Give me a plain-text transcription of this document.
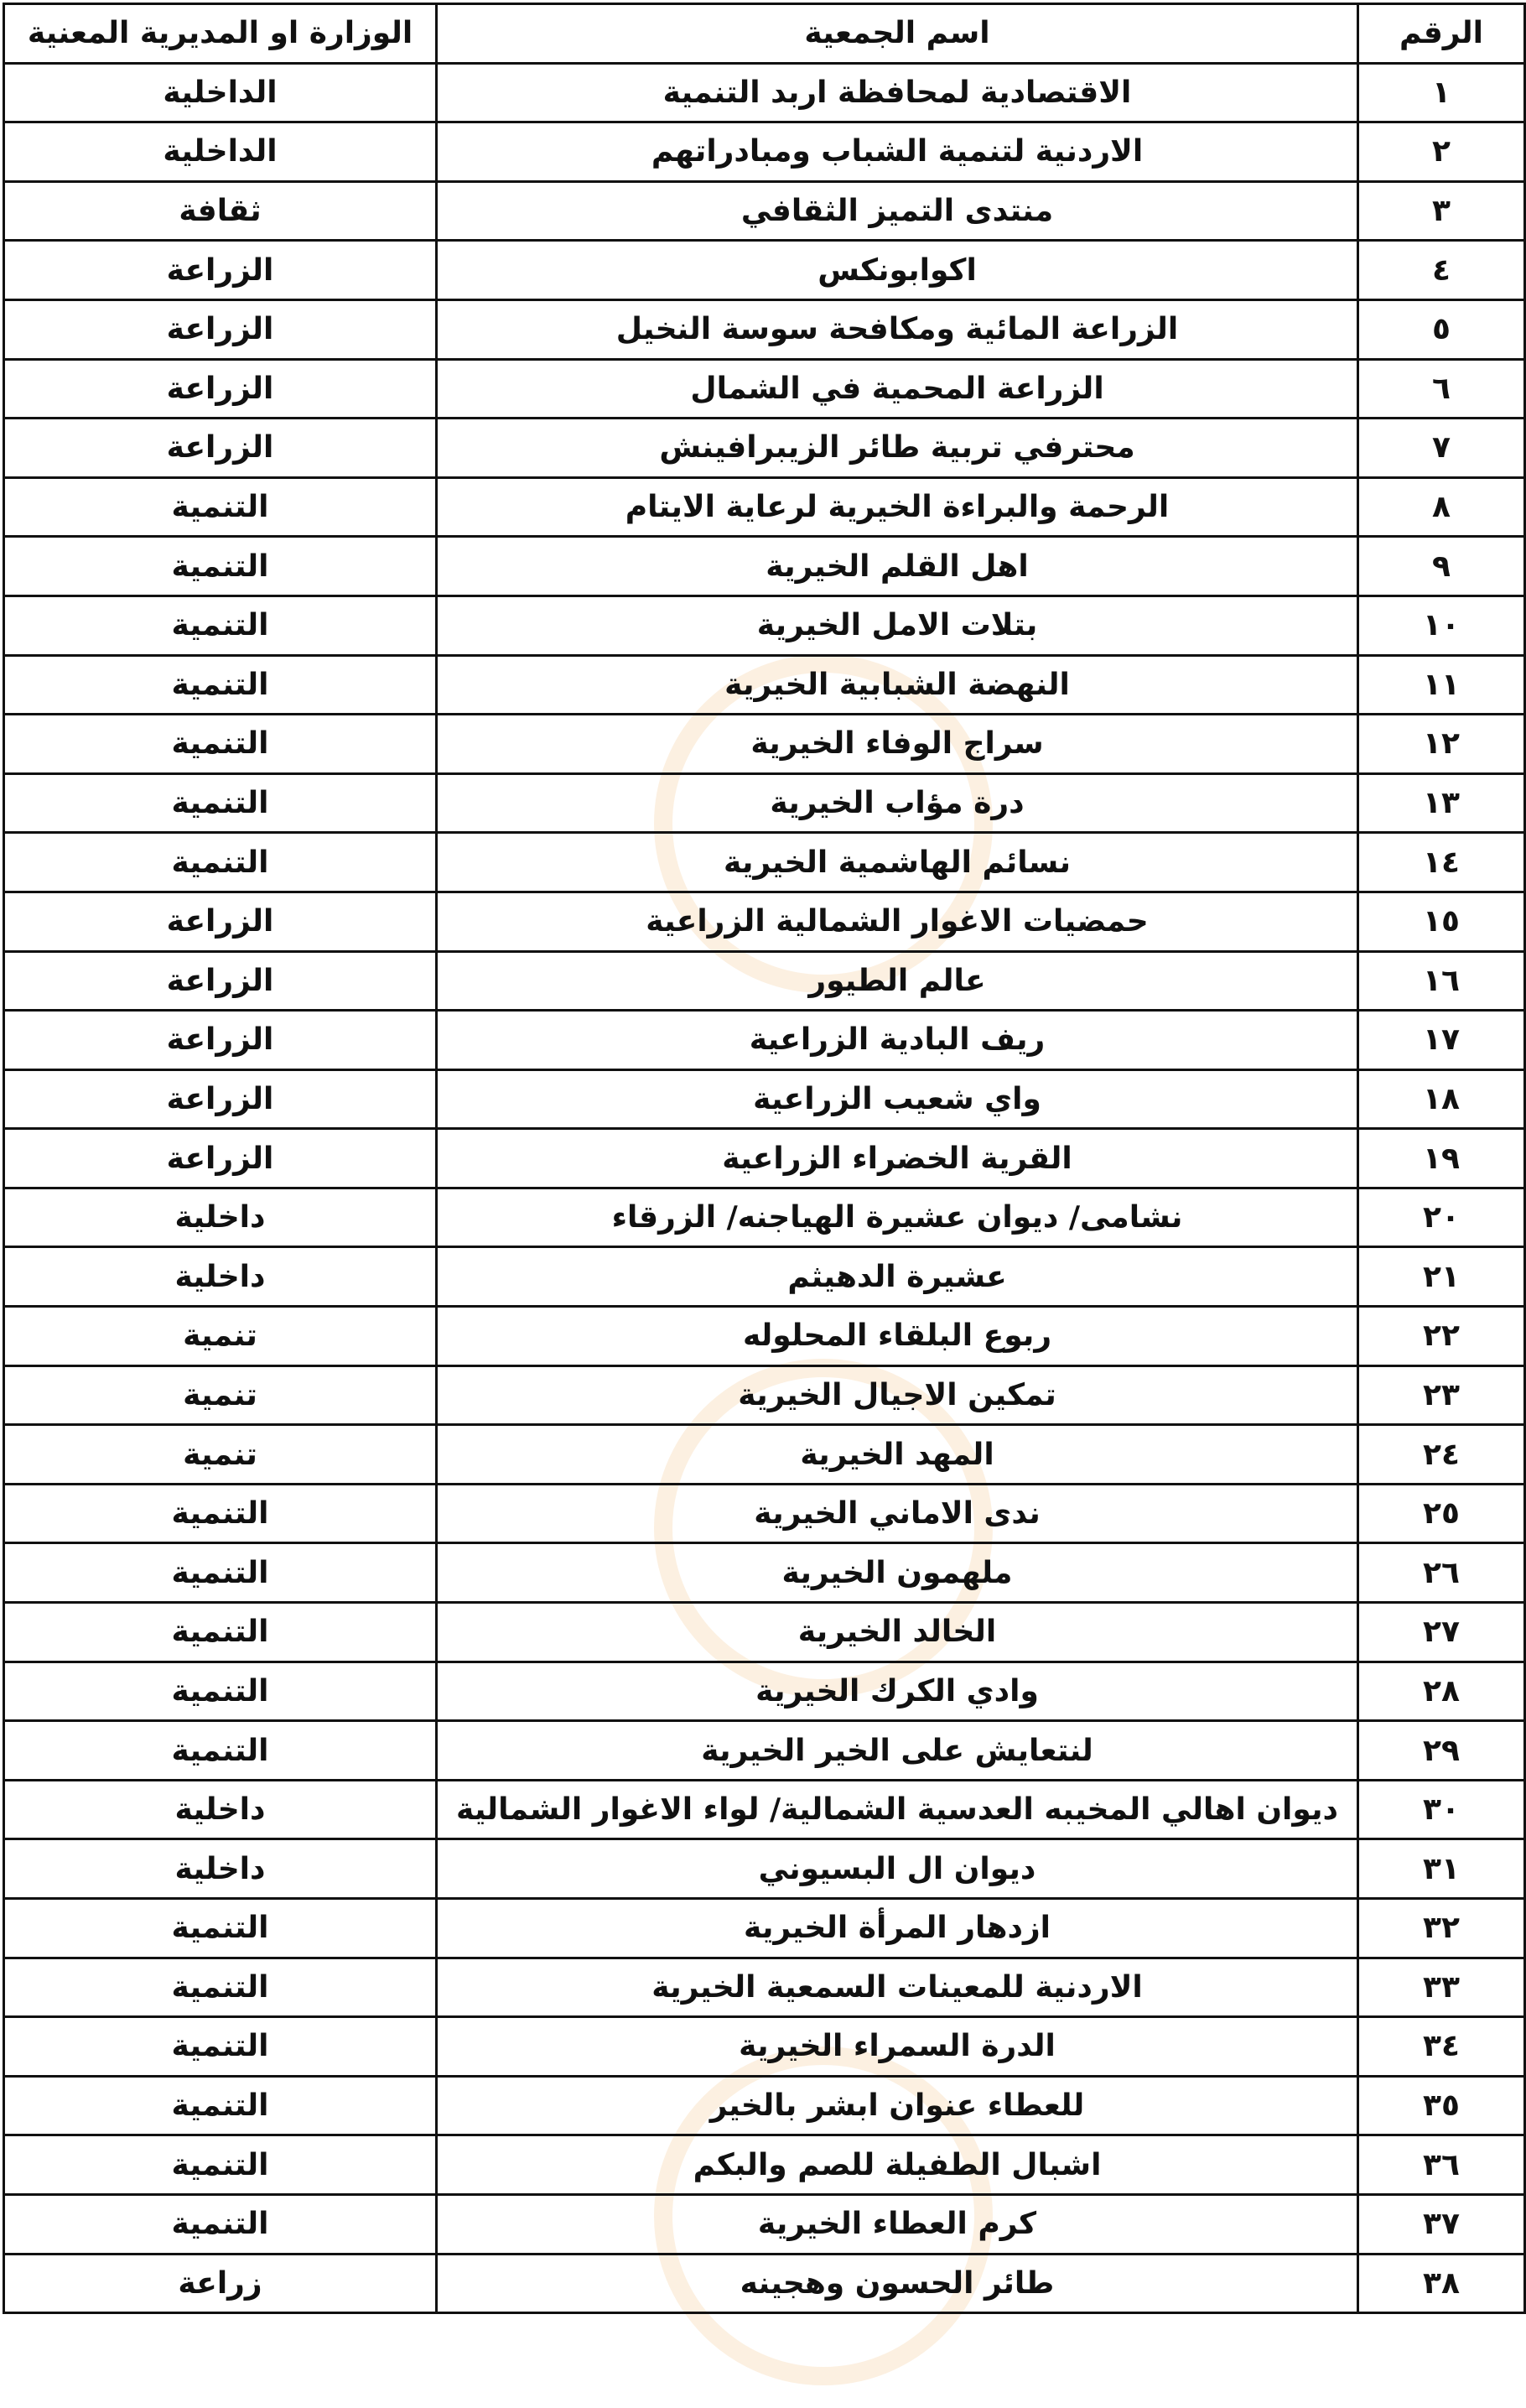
الرقم	اسم الجمعية	الوزارة او المديرية المعنية
١	الاقتصادية لمحافظة اربد التنمية	الداخلية
٢	الاردنية لتنمية الشباب ومبادراتهم	الداخلية
٣	منتدى التميز الثقافي	ثقافة
٤	اكوابونكس	الزراعة
٥	الزراعة المائية ومكافحة سوسة النخيل	الزراعة
٦	الزراعة المحمية في الشمال	الزراعة
٧	محترفي تربية طائر الزيبرافينش	الزراعة
٨	الرحمة والبراءة الخيرية لرعاية الايتام	التنمية
٩	اهل القلم الخيرية	التنمية
١٠	بتلات الامل الخيرية	التنمية
١١	النهضة الشبابية الخيرية	التنمية
١٢	سراج الوفاء الخيرية	التنمية
١٣	درة مؤاب الخيرية	التنمية
١٤	نسائم الهاشمية الخيرية	التنمية
١٥	حمضيات الاغوار الشمالية الزراعية	الزراعة
١٦	عالم الطيور	الزراعة
١٧	ريف البادية الزراعية	الزراعة
١٨	واي شعيب الزراعية	الزراعة
١٩	القرية الخضراء الزراعية	الزراعة
٢٠	نشامى/ ديوان عشيرة الهياجنه/ الزرقاء	داخلية
٢١	عشيرة الدهيثم	داخلية
٢٢	ربوع البلقاء المحلوله	تنمية
٢٣	تمكين الاجيال الخيرية	تنمية
٢٤	المهد الخيرية	تنمية
٢٥	ندى الاماني الخيرية	التنمية
٢٦	ملهمون الخيرية	التنمية
٢٧	الخالد الخيرية	التنمية
٢٨	وادي الكرك الخيرية	التنمية
٢٩	لنتعايش على الخير الخيرية	التنمية
٣٠	ديوان اهالي المخيبه العدسية الشمالية/ لواء الاغوار الشمالية	داخلية
٣١	ديوان ال البسيوني	داخلية
٣٢	ازدهار المرأة الخيرية	التنمية
٣٣	الاردنية للمعينات السمعية الخيرية	التنمية
٣٤	الدرة السمراء الخيرية	التنمية
٣٥	للعطاء عنوان ابشر بالخير	التنمية
٣٦	اشبال الطفيلة للصم والبكم	التنمية
٣٧	كرم العطاء الخيرية	التنمية
٣٨	طائر الحسون وهجينه	زراعة
